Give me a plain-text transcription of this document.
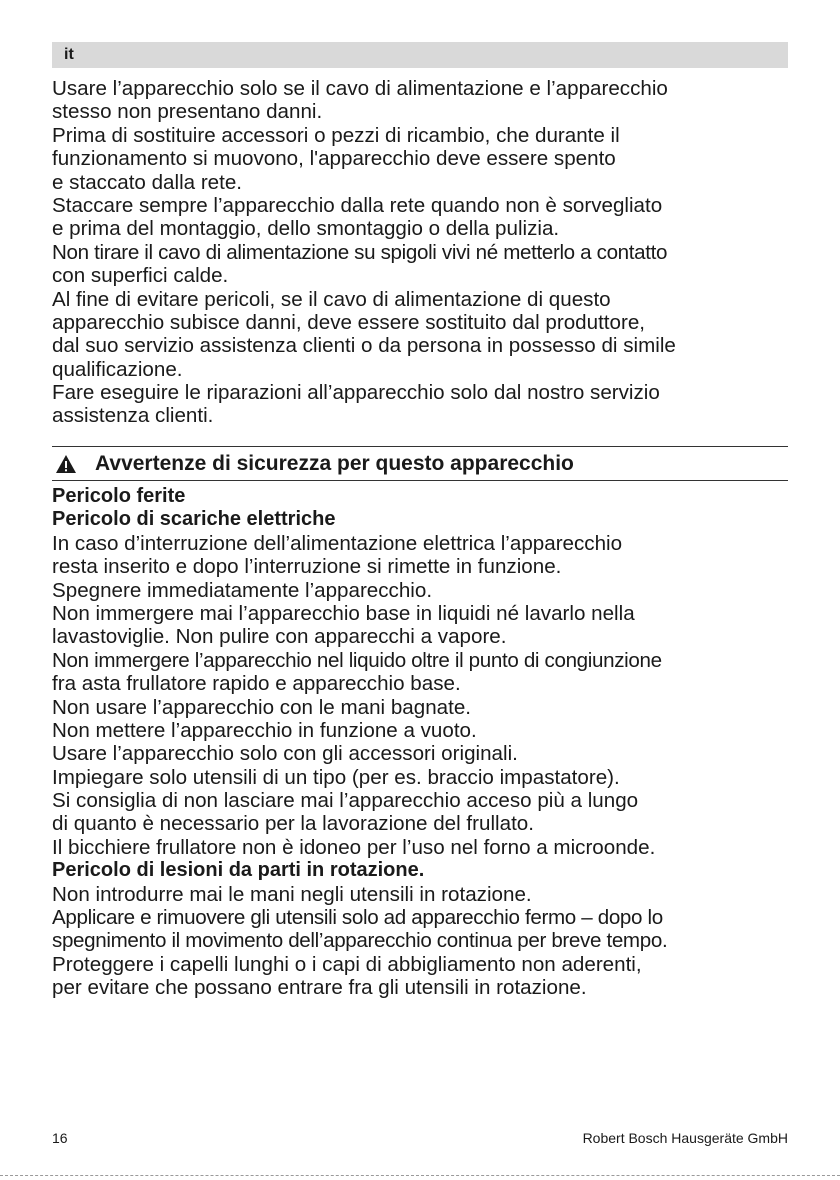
it
Usare l’apparecchio solo se il cavo di alimentazione e l’apparecchio
stesso non presentano danni.
Prima di sostituire accessori o pezzi di ricambio, che durante il
funzionamento si muovono, l'apparecchio deve essere spento
e staccato dalla rete.
Staccare sempre l’apparecchio dalla rete quando non è sorvegliato
e prima del montaggio, dello smontaggio o della pulizia.
Non tirare il cavo di alimentazione su spigoli vivi né metterlo a contatto
con superfici calde.
Al fine di evitare pericoli, se il cavo di alimentazione di questo
apparecchio subisce danni, deve essere sostituito dal produttore,
dal suo servizio assistenza clienti o da persona in possesso di simile
qualificazione.
Fare eseguire le riparazioni all’apparecchio solo dal nostro servizio
assistenza clienti.
Avvertenze di sicurezza per questo apparecchio
Pericolo ferite
Pericolo di scariche elettriche
In caso d’interruzione dell’alimentazione elettrica l’apparecchio
resta inserito e dopo l’interruzione si rimette in funzione.
Spegnere immediatamente l’apparecchio.
Non immergere mai l’apparecchio base in liquidi né lavarlo nella
lavastoviglie. Non pulire con apparecchi a vapore.
Non immergere l’apparecchio nel liquido oltre il punto di congiunzione
fra asta frullatore rapido e apparecchio base.
Non usare l’apparecchio con le mani bagnate.
Non mettere l’apparecchio in funzione a vuoto.
Usare l’apparecchio solo con gli accessori originali.
Impiegare solo utensili di un tipo (per es. braccio impastatore).
Si consiglia di non lasciare mai l’apparecchio acceso più a lungo
di quanto è necessario per la lavorazione del frullato.
Il bicchiere frullatore non è idoneo per l’uso nel forno a microonde.
Pericolo di lesioni da parti in rotazione.
Non introdurre mai le mani negli utensili in rotazione.
Applicare e rimuovere gli utensili solo ad apparecchio fermo – dopo lo
spegnimento il movimento dell’apparecchio continua per breve tempo.
Proteggere i capelli lunghi o i capi di abbigliamento non aderenti,
per evitare che possano entrare fra gli utensili in rotazione.
16	Robert Bosch Hausgeräte GmbH
